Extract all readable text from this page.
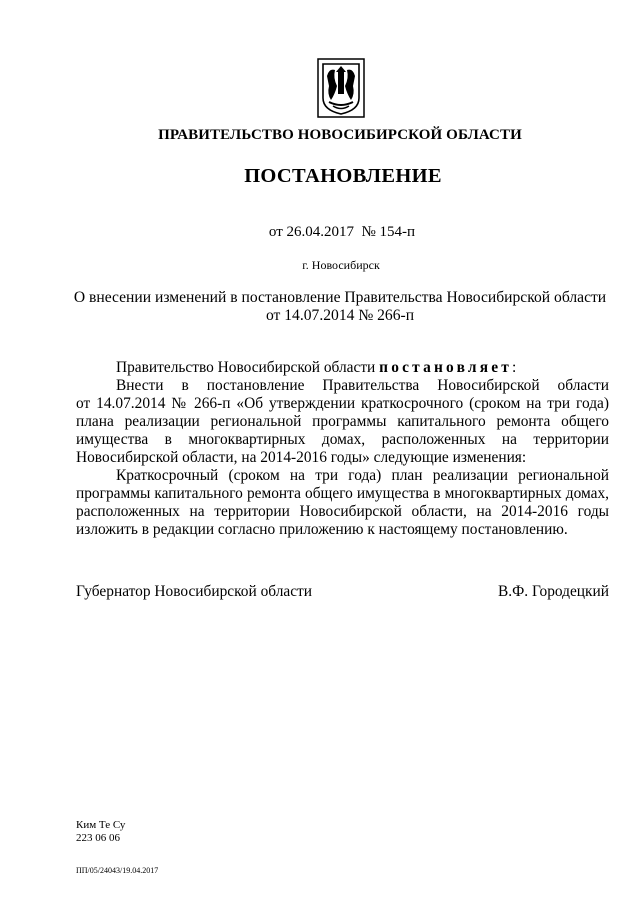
ПРАВИТЕЛЬСТВО НОВОСИБИРСКОЙ ОБЛАСТИ
ПОСТАНОВЛЕНИЕ
от 26.04.2017  № 154-п
г. Новосибирск
О внесении изменений в постановление Правительства Новосибирской области
от 14.07.2014 № 266-п
Правительство Новосибирской области постановляет:
Внести в постановление Правительства Новосибирской области
от 14.07.2014 № 266-п «Об утверждении краткосрочного (сроком на три года)
плана реализации региональной программы капитального ремонта общего
имущества в многоквартирных домах, расположенных на территории
Новосибирской области, на 2014-2016 годы» следующие изменения:
Краткосрочный (сроком на три года) план реализации региональной
программы капитального ремонта общего имущества в многоквартирных домах,
расположенных на территории Новосибирской области, на 2014-2016 годы
изложить в редакции согласно приложению к настоящему постановлению.
Губернатор Новосибирской области	В.Ф. Городецкий
Ким Те Су
223 06 06
ПП/05/24043/19.04.2017
